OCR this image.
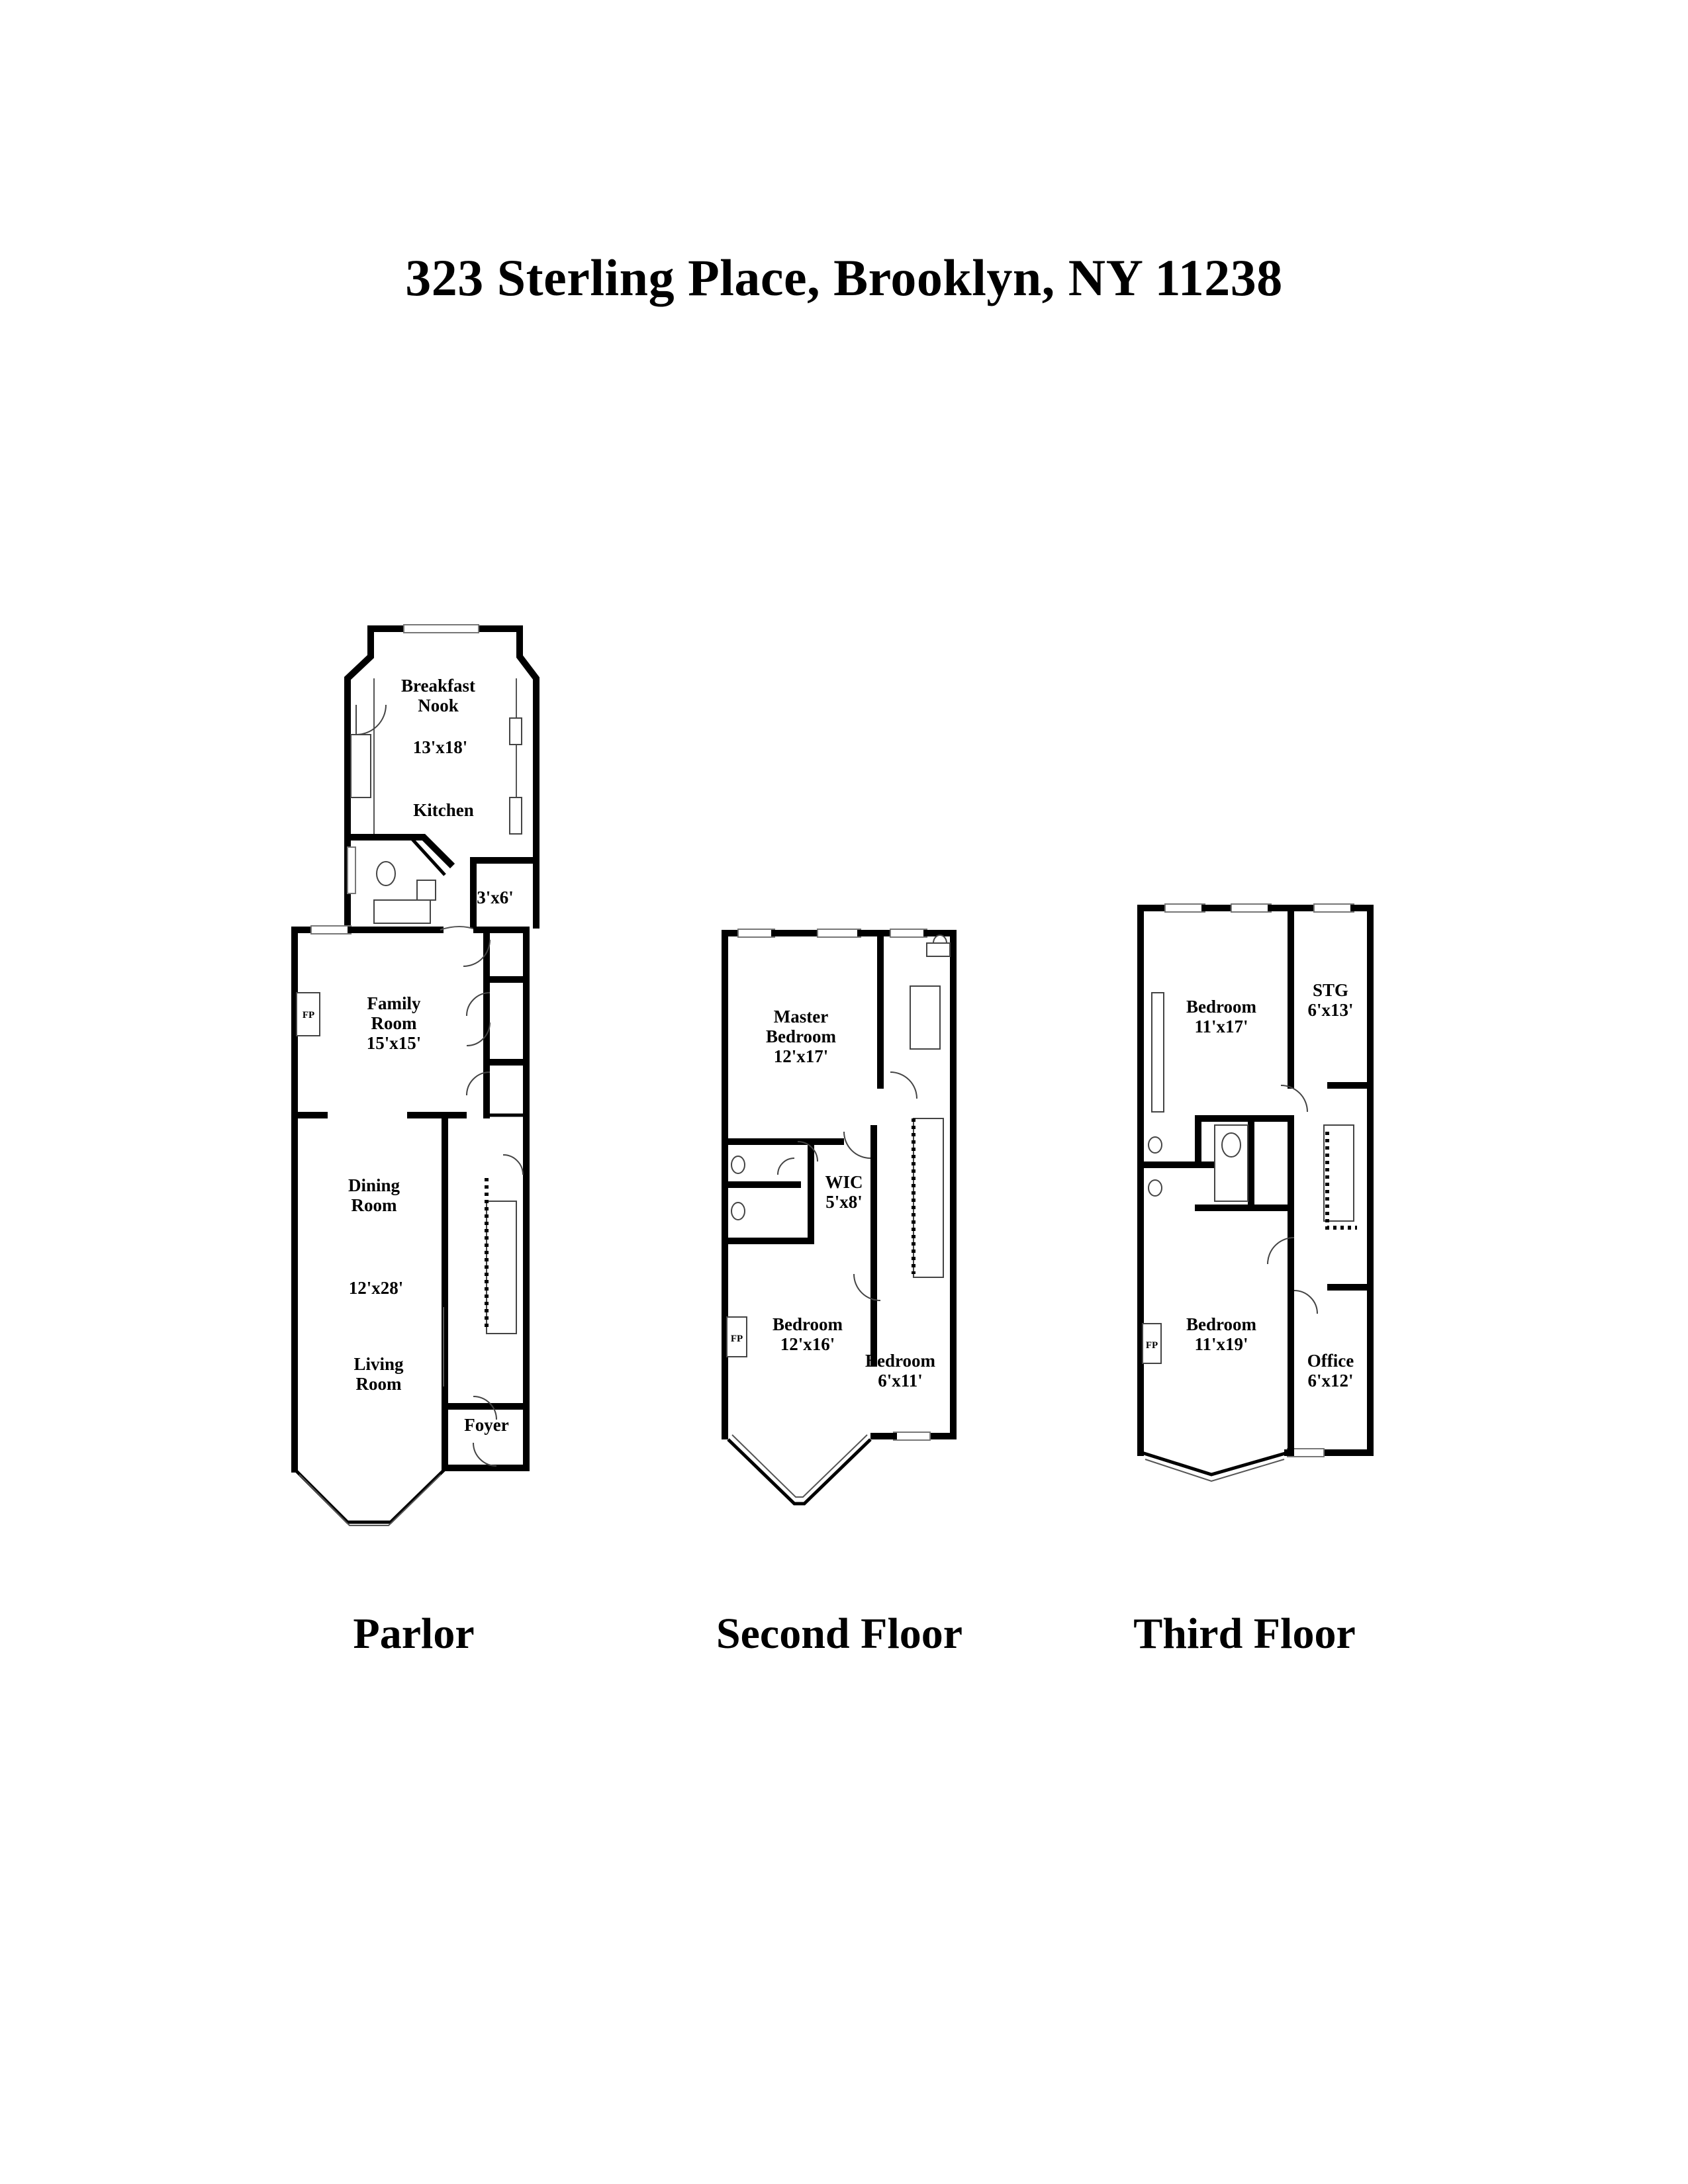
323 Sterling Place, Brooklyn, NY 11238
Breakfast
Nook
13'x18'
Kitchen
3'x6'
Family
Room
15'x15'
Dining
Room
12'x28'
Living
Room
Foyer
FP	Master
Bedroom
12'x17'
WIC
5'x8'
Bedroom
12'x16'
Bedroom
6'x11'
FP
Bedroom
11'x17'
STG
6'x13'
Bedroom
11'x19'
Office
6'x12'
FP
Parlor	Second Floor	Third Floor
